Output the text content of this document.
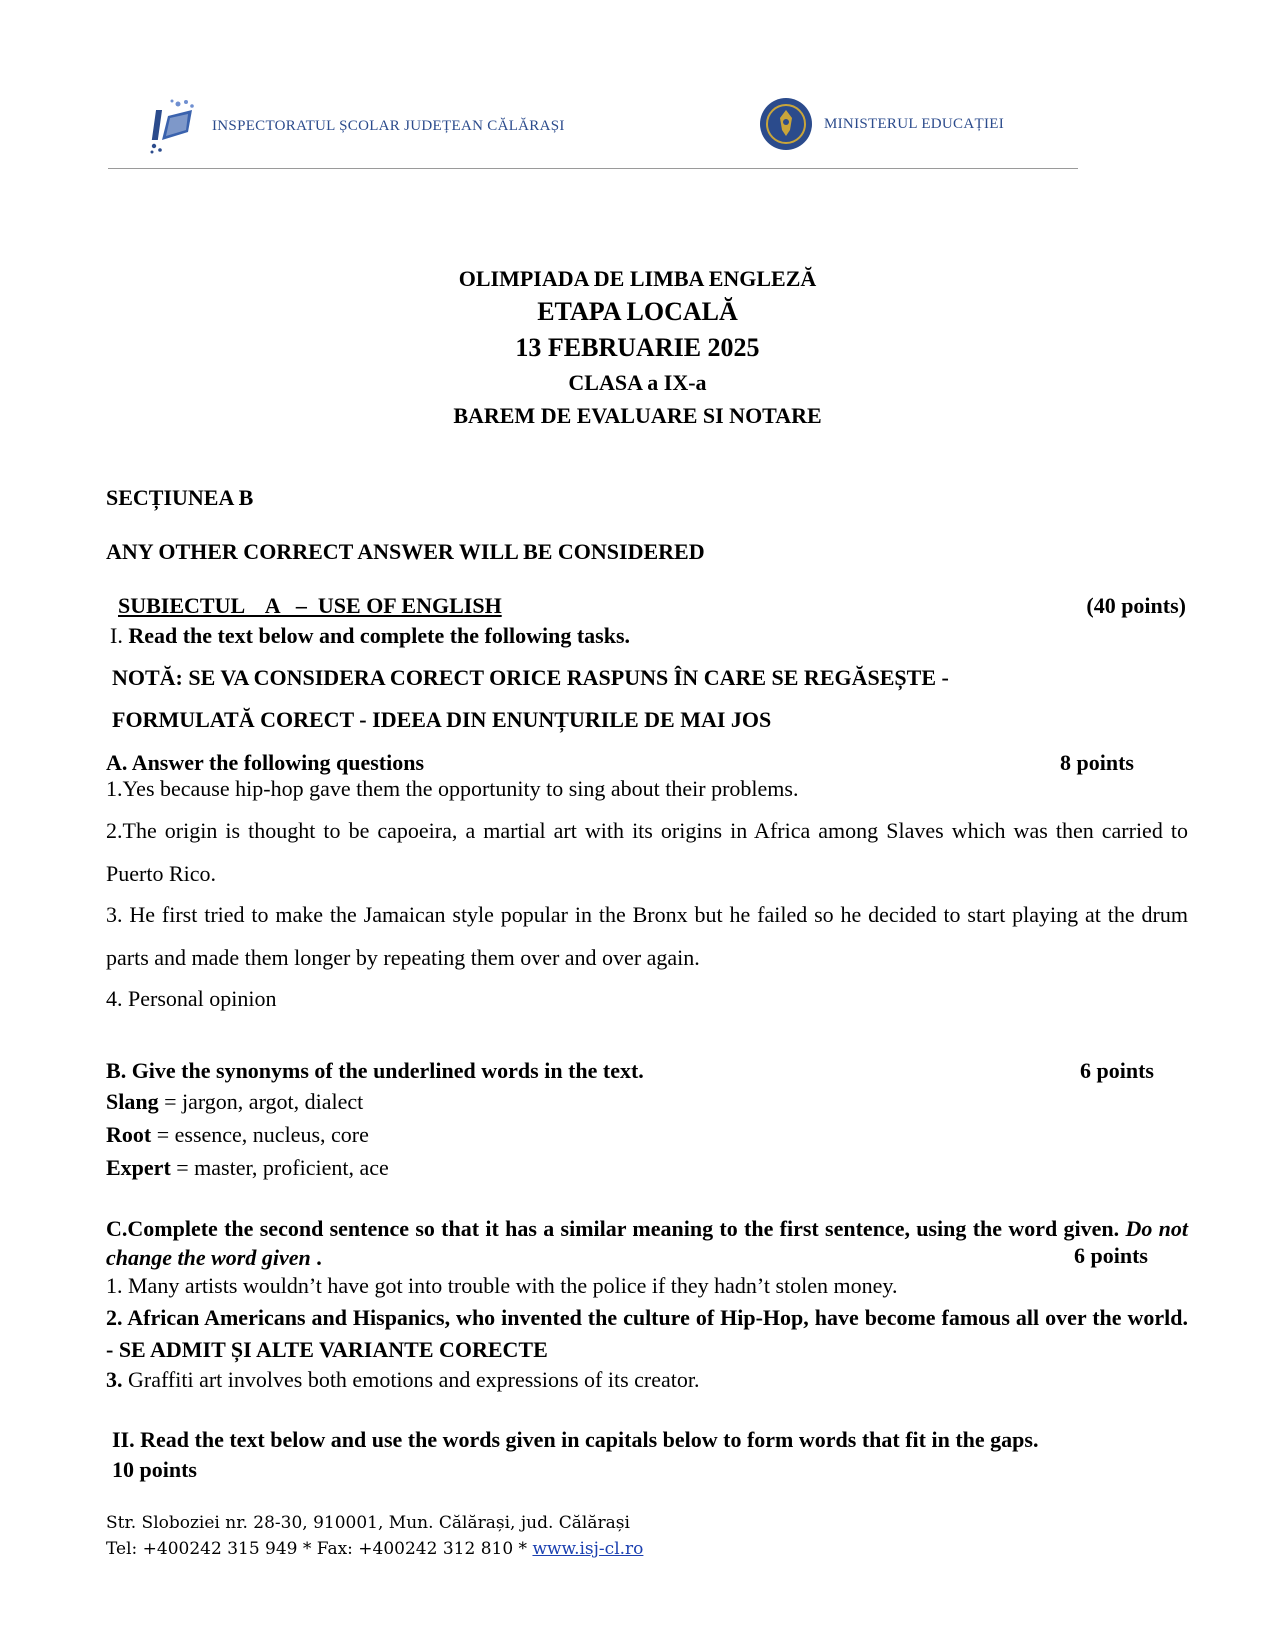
INSPECTORATUL ȘCOLAR JUDEȚEAN CĂLĂRAȘI	MINISTERUL EDUCAȚIEI
OLIMPIADA DE LIMBA ENGLEZĂ
ETAPA LOCALĂ
13 FEBRUARIE 2025
CLASA a IX-a
BAREM DE EVALUARE SI NOTARE
SECȚIUNEA B
ANY OTHER CORRECT ANSWER WILL BE CONSIDERED
SUBIECTUL    A   –  USE OF ENGLISH	(40 points)
I. Read the text below and complete the following tasks.
NOTĂ: SE VA CONSIDERA CORECT ORICE RASPUNS ÎN CARE SE REGĂSEȘTE -
FORMULATĂ CORECT - IDEEA DIN ENUNȚURILE DE MAI JOS
A. Answer the following questions	8 points
1.Yes because hip-hop gave them the opportunity to sing about their problems.
2.The origin is thought to be capoeira, a martial art with its origins in Africa among Slaves which was then carried to Puerto Rico.
3. He first tried to make the Jamaican style popular in the Bronx but he failed so he decided to start playing at the drum parts and made them longer by repeating them over and over again.
4. Personal opinion
B. Give the synonyms of the underlined words in the text.	6 points
Slang = jargon, argot, dialect
Root = essence, nucleus, core
Expert = master, proficient, ace
C.Complete the second sentence so that it has a similar meaning to the first sentence, using the word given. Do not change the word given .	6 points
1. Many artists wouldn’t have got into trouble with the police if they hadn’t stolen money.
2. African Americans and Hispanics, who invented the culture of Hip-Hop, have become famous all over the world. - SE ADMIT ȘI ALTE VARIANTE CORECTE
3. Graffiti art involves both emotions and expressions of its creator.
II. Read the text below and use the words given in capitals below to form words that fit in the gaps.
10 points
Str. Sloboziei nr. 28-30, 910001, Mun. Călărași, jud. Călărași
Tel: +400242 315 949 * Fax: +400242 312 810 * www.isj-cl.ro
